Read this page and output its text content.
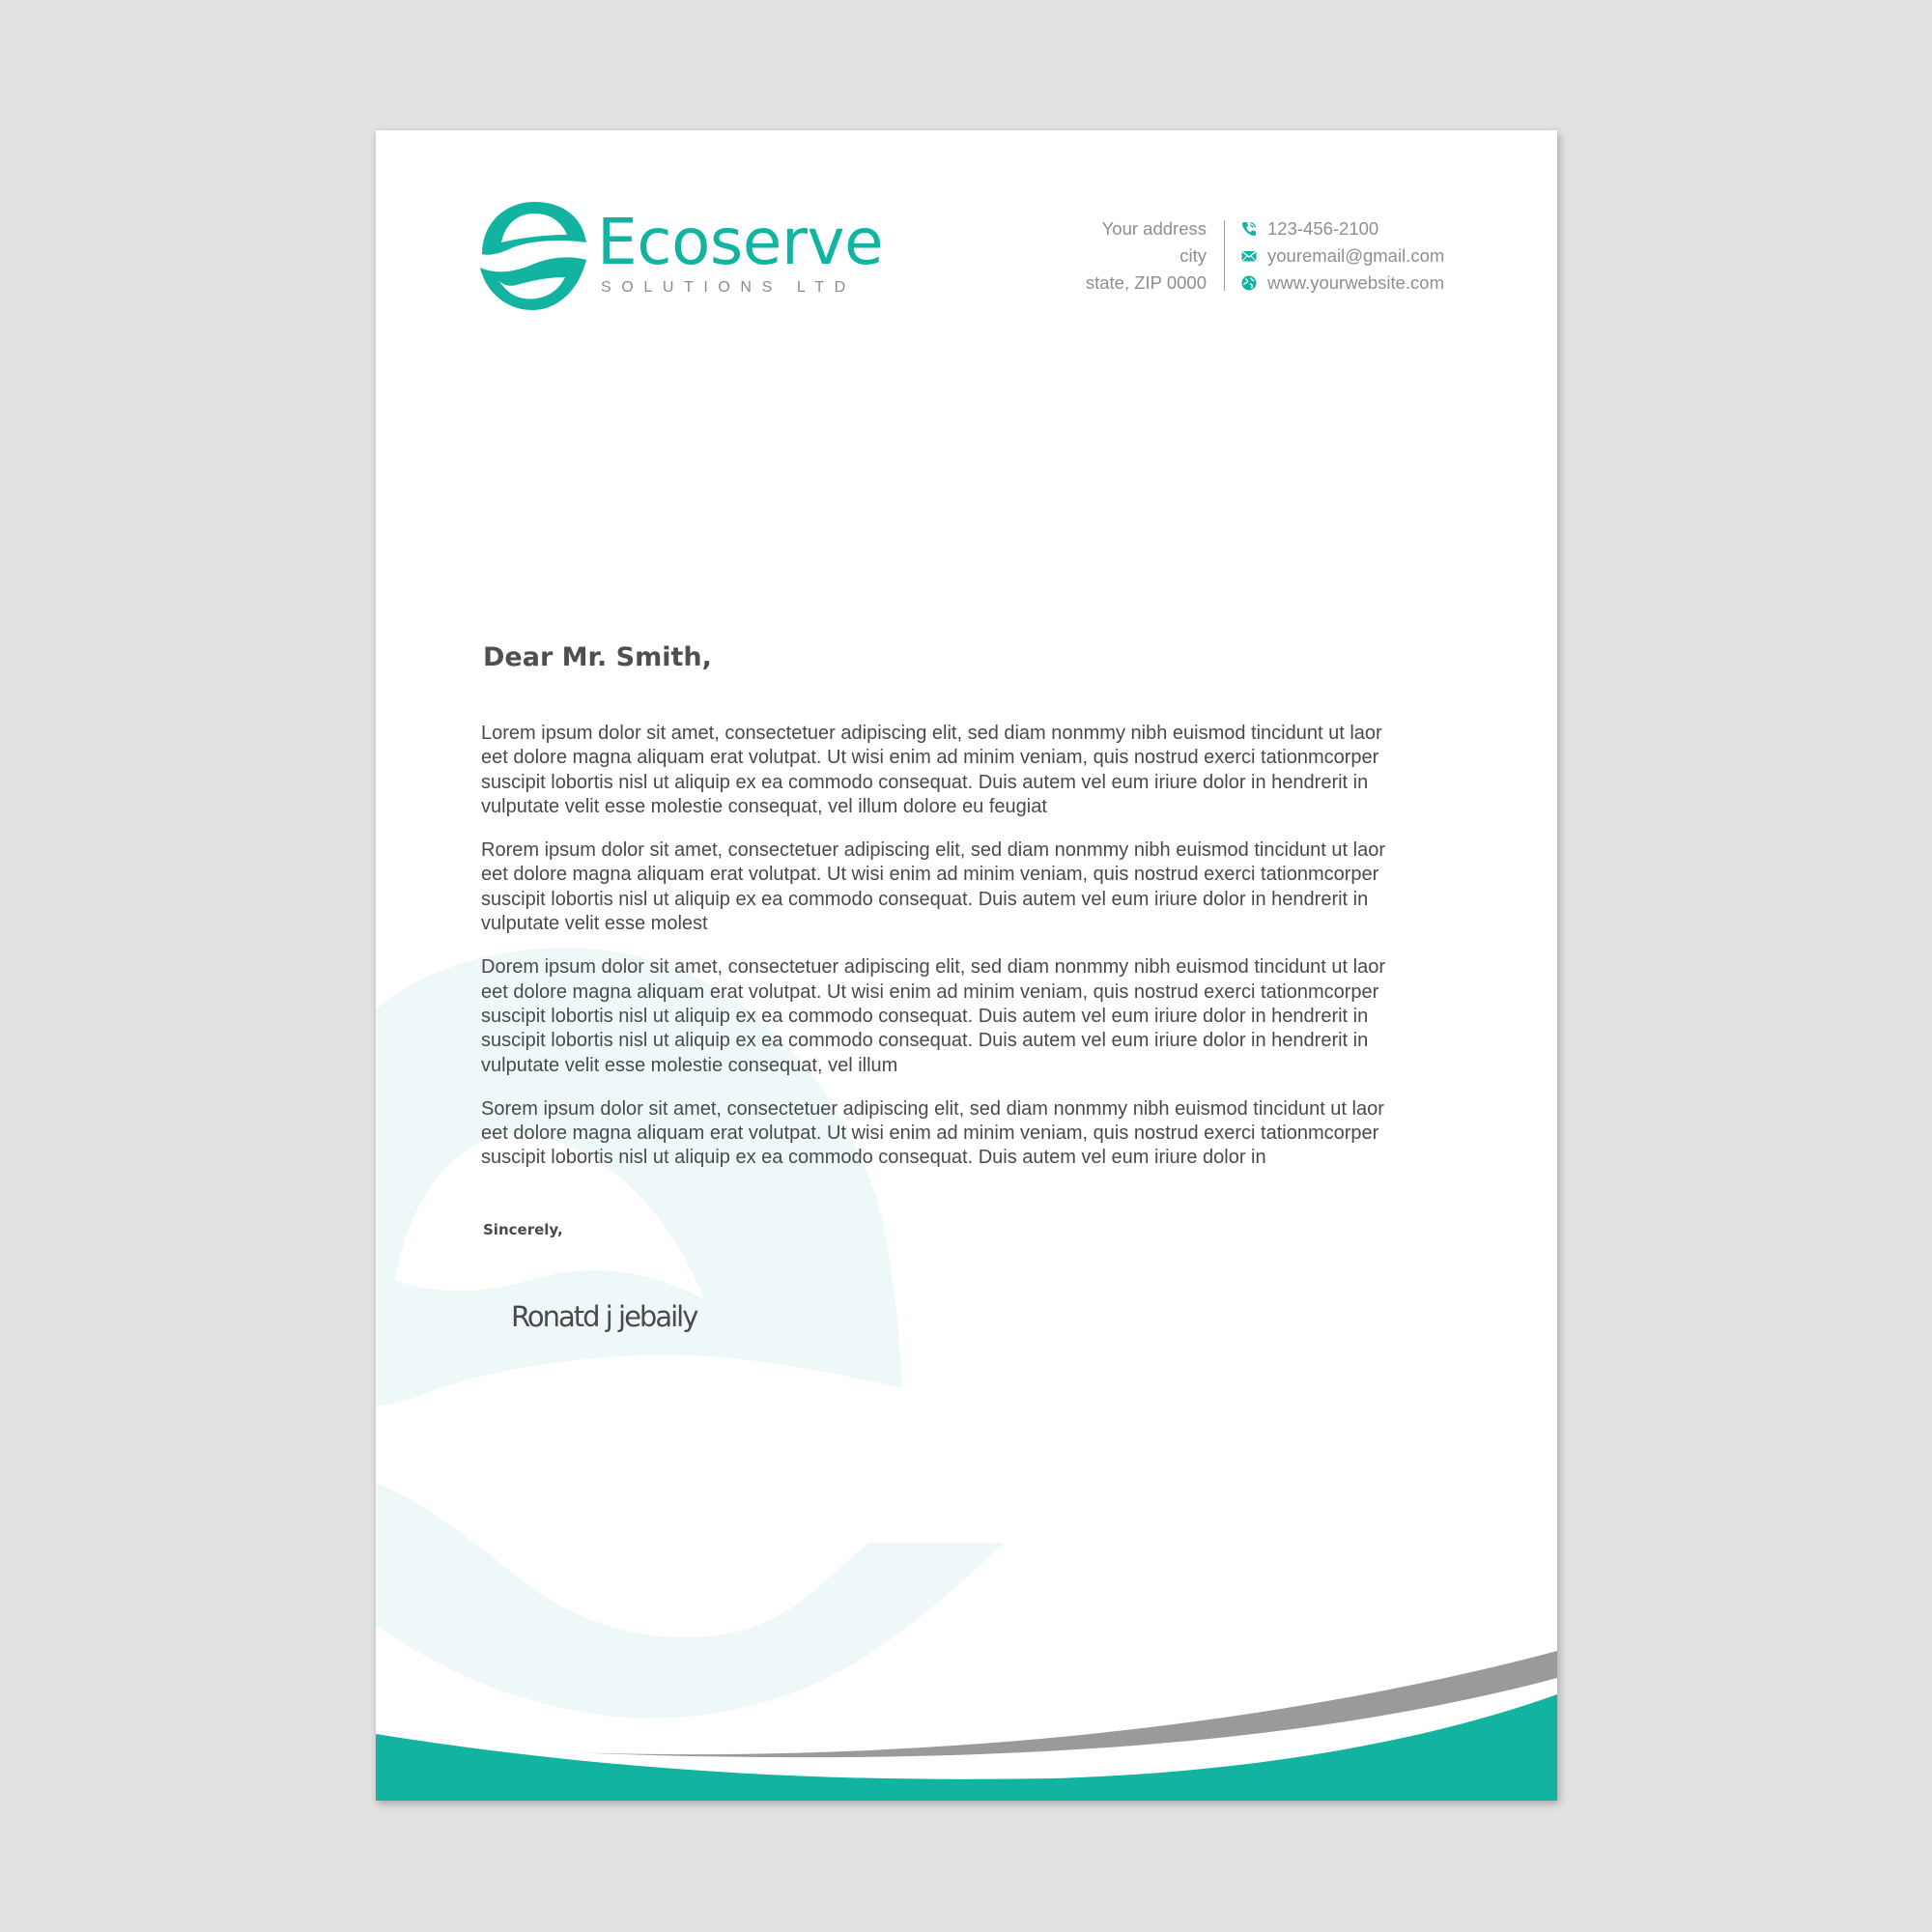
Ecoserve
SOLUTIONS LTD
Your address
city
state, ZIP 0000
123-456-2100
youremail@gmail.com
www.yourwebsite.com
Dear Mr. Smith,

Lorem ipsum dolor sit amet, consectetuer adipiscing elit, sed diam nonmmy nibh euismod tincidunt ut laor
eet dolore magna aliquam erat volutpat. Ut wisi enim ad minim veniam, quis nostrud exerci tationmcorper
suscipit lobortis nisl ut aliquip ex ea commodo consequat. Duis autem vel eum iriure dolor in hendrerit in
vulputate velit esse molestie consequat, vel illum dolore eu feugiat

Rorem ipsum dolor sit amet, consectetuer adipiscing elit, sed diam nonmmy nibh euismod tincidunt ut laor
eet dolore magna aliquam erat volutpat. Ut wisi enim ad minim veniam, quis nostrud exerci tationmcorper
suscipit lobortis nisl ut aliquip ex ea commodo consequat. Duis autem vel eum iriure dolor in hendrerit in
vulputate velit esse molest

Dorem ipsum dolor sit amet, consectetuer adipiscing elit, sed diam nonmmy nibh euismod tincidunt ut laor
eet dolore magna aliquam erat volutpat. Ut wisi enim ad minim veniam, quis nostrud exerci tationmcorper
suscipit lobortis nisl ut aliquip ex ea commodo consequat. Duis autem vel eum iriure dolor in hendrerit in
suscipit lobortis nisl ut aliquip ex ea commodo consequat. Duis autem vel eum iriure dolor in hendrerit in
vulputate velit esse molestie consequat, vel illum

Sorem ipsum dolor sit amet, consectetuer adipiscing elit, sed diam nonmmy nibh euismod tincidunt ut laor
eet dolore magna aliquam erat volutpat. Ut wisi enim ad minim veniam, quis nostrud exerci tationmcorper
suscipit lobortis nisl ut aliquip ex ea commodo consequat. Duis autem vel eum iriure dolor in

Sincerely,
Ronatd j jebaily
